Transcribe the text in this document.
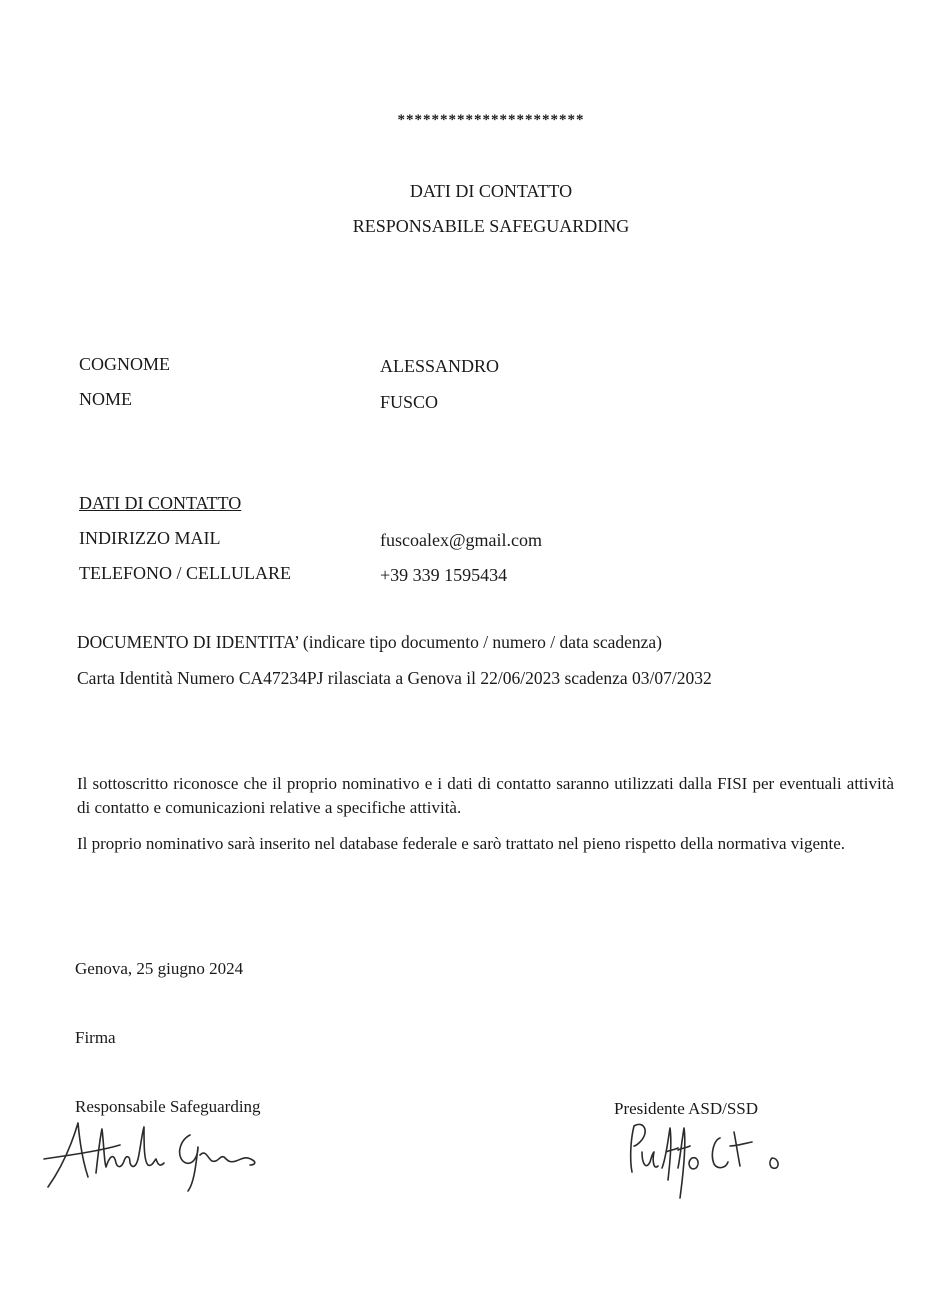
**********************
DATI DI CONTATTO
RESPONSABILE SAFEGUARDING
COGNOME	ALESSANDRO
NOME	FUSCO
DATI DI CONTATTO
INDIRIZZO MAIL	fuscoalex@gmail.com
TELEFONO / CELLULARE	+39 339 1595434
DOCUMENTO DI IDENTITA’ (indicare tipo documento / numero / data scadenza)
Carta Identità Numero CA47234PJ rilasciata a Genova il 22/06/2023 scadenza 03/07/2032
Il sottoscritto riconosce che il proprio nominativo e i dati di contatto saranno utilizzati dalla FISI per eventuali attività di contatto e comunicazioni relative a specifiche attività.
Il proprio nominativo sarà inserito nel database federale e sarò trattato nel pieno rispetto della normativa vigente.
Genova, 25 giugno 2024
Firma
Responsabile Safeguarding	Presidente ASD/SSD
